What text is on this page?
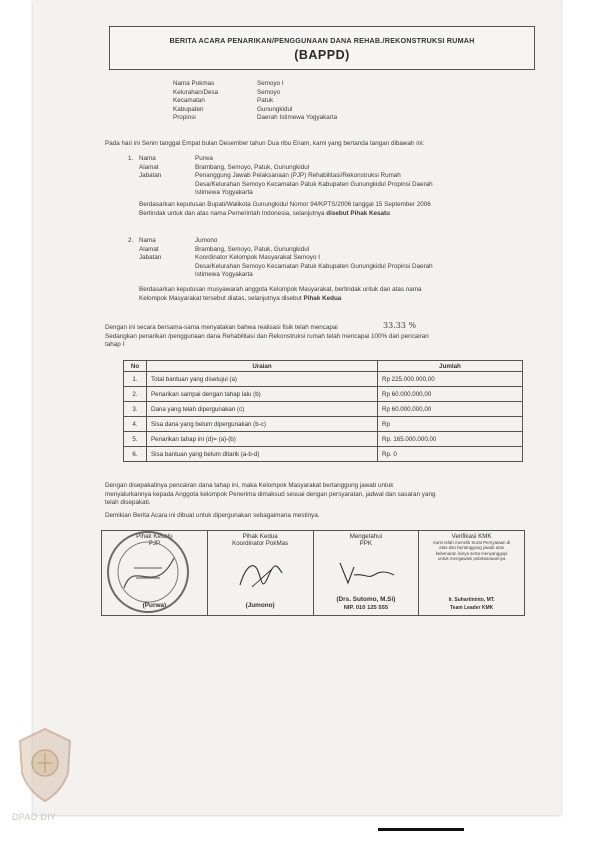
BERITA ACARA PENARIKAN/PENGGUNAAN DANA REHAB./REKONSTRUKSI RUMAH
(BAPPD)
Nama Pokmas	Semoyo I
Kelurahan/Desa	Semoyo
Kecamatan	Patuk
Kabupaten	Gunungkidul
Propinsi	Daerah Istimewa Yogyakarta
Pada hari ini Senin tanggal Empat bulan Desember tahun Dua ribu Enam, kami yang bertanda tangan dibawah ini:
1. Nama	Purwa
Alamat	Brambang, Semoyo, Patuk, Gunungkidul
Jabatan	Penanggung Jawab Pelaksanaan (PJP) Rehabilitasi/Rekonstruksi Rumah
Desa/Kelurahan Semoyo Kecamatan Patuk Kabupaten Gunungkidul Propinsi Daerah
Istimewa Yogyakarta
Berdasarkan keputusan Bupati/Walikota Gunungkidul Nomor 94/KPTS/2006 tanggal 15 September 2006
Bertindak untuk dan atas nama Pemerintah Indonesia, selanjutnya disebut Pihak Kesatu
2. Nama	Jumono
Alamat	Brambang, Semoyo, Patuk, Gunungkidul
Jabatan	Koordinator Kelompok Masyarakat Semoyo I
Desa/Kelurahan Semoyo Kecamatan Patuk Kabupaten Gunungkidul Propinsi Daerah
Istimewa Yogyakarta
Berdasarkan keputusan musyawarah anggota Kelompok Masyarakat, bertindak untuk dan atas nama
Kelompok Masyarakat tersebut diatas, selanjutnya disebut Pihak Kedua
Dengan ini secara bersama-sama menyatakan bahwa realisasi fisik telah mencapai	33.33 %
Sedangkan penarikan /penggunaan dana Rehabilitasi dan Rekonstruksi rumah telah mencapai 100% dari pencairan
tahap I
No	Uraian	Jumlah
1.	Total bantuan yang disetujui (a)	Rp 225.000.000,00
2.	Penarikan sampai dengan tahap lalu (b)	Rp 60.000.000,00
3.	Dana yang telah dipergunakan (c)	Rp 60.000.000,00
4.	Sisa dana yang belum dipergunakan (b-c)	Rp
5.	Penarikan tahap ini (d)= (a)-(b)	Rp. 165.000.000,00
6.	Sisa bantuan yang belum ditarik (a-b-d)	Rp. 0
Dengan disepakatinya pencairan dana tahap ini, maka Kelompok Masyarakat bertanggung jawab untuk
menyalurkannya kepada Anggota kelompok Penerima dimaksud sesuai dengan persyaratan, jadwal dan sasaran yang
telah disepakati.
Demikian Berita Acara ini dibuat untuk dipergunakan sebagaimana mestinya.
Pihak Kesatu
PJP
(Purwa)

Pihak Kedua
Koordinator PokMas
(Jumono)

Mengetahui
PPK
(Drs. Sutomo, M.Si)
NIP. 010 125 555

Verifikasi KMK
Kami telah meneliti Surat Pernyataan di
atas dan bertanggung jawab atas
kebenaran isinya serta menyanggupi
untuk mengawasi pelaksanaannya
Ir. Suhartininto, MT.
Team Leader KMK
DPAD DIY
